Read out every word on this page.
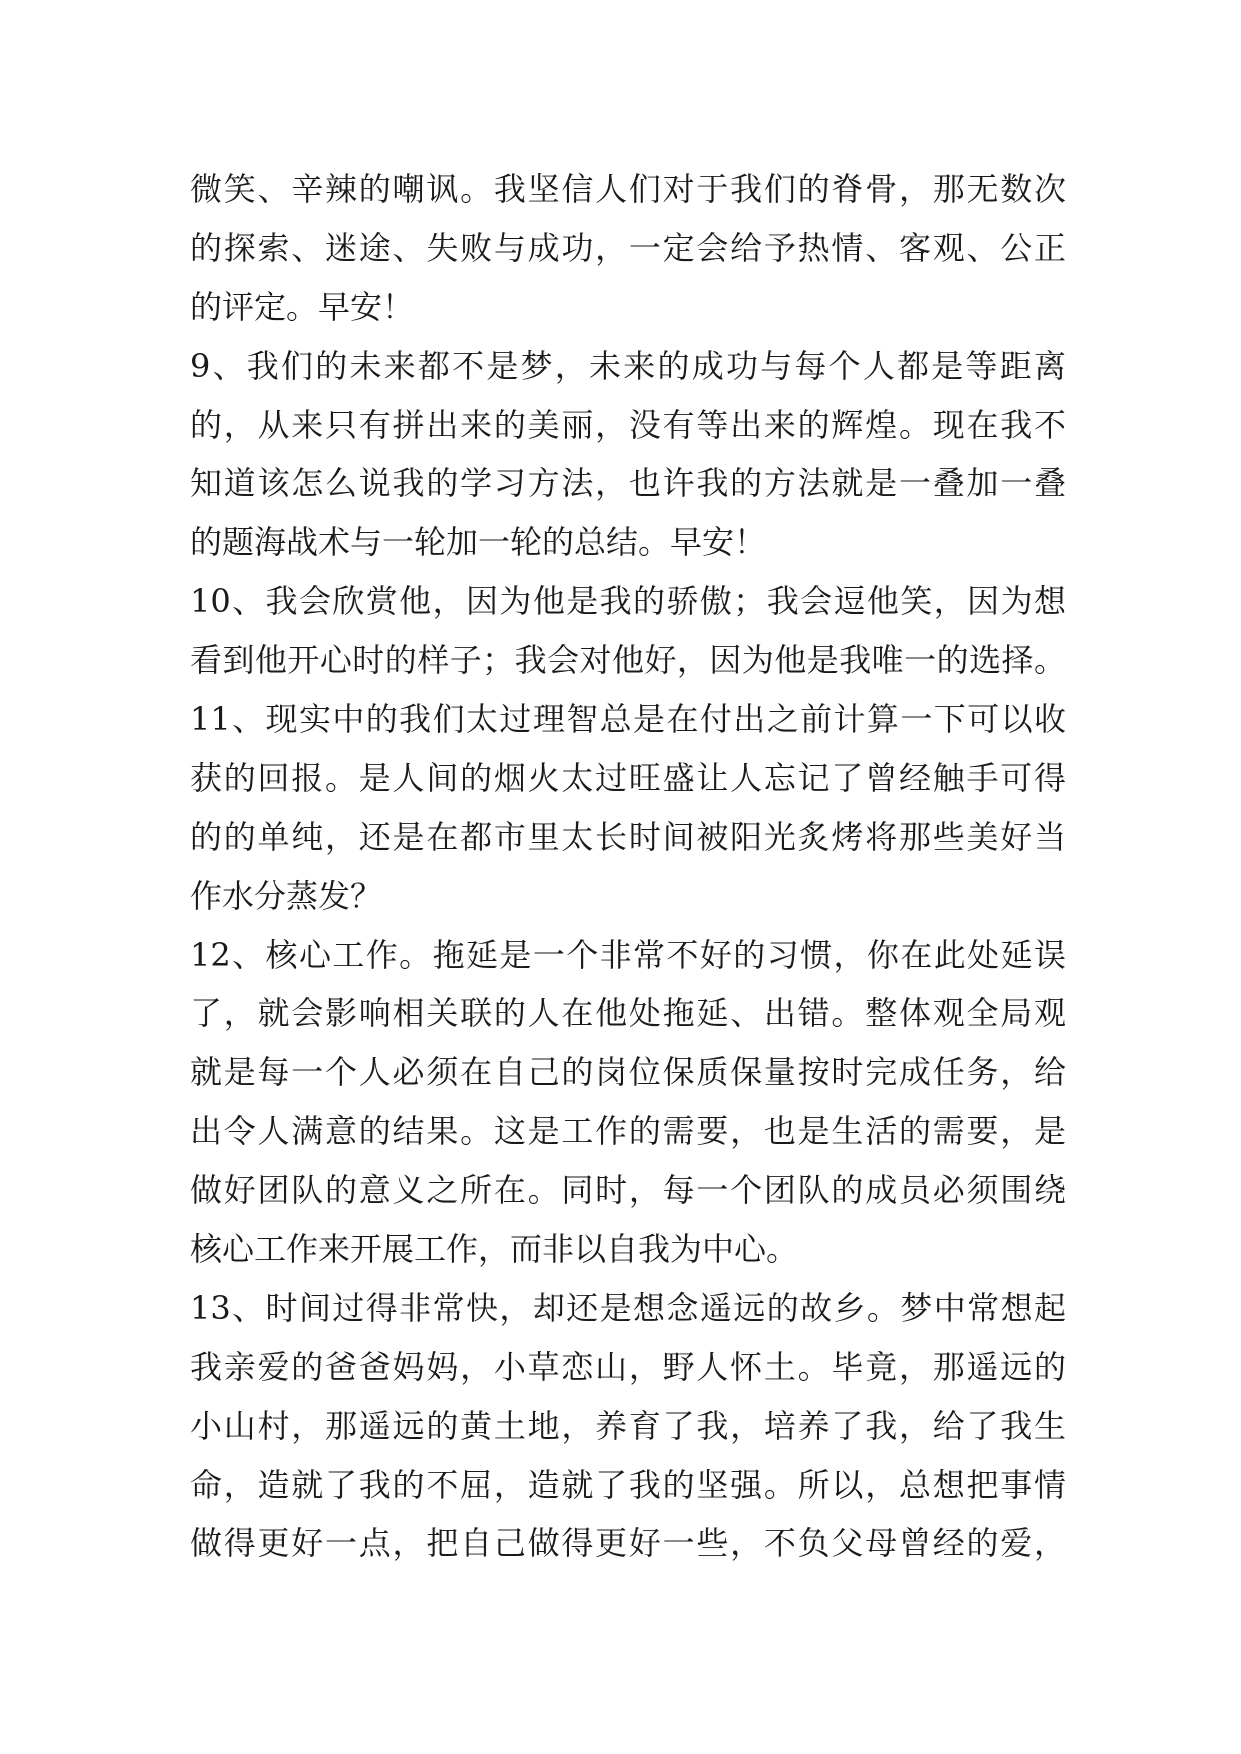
微笑、辛辣的嘲讽。我坚信人们对于我们的脊骨，那无数次
的探索、迷途、失败与成功，一定会给予热情、客观、公正
的评定。早安！
9、我们的未来都不是梦，未来的成功与每个人都是等距离
的，从来只有拼出来的美丽，没有等出来的辉煌。现在我不
知道该怎么说我的学习方法，也许我的方法就是一叠加一叠
的题海战术与一轮加一轮的总结。早安！
10、我会欣赏他，因为他是我的骄傲；我会逗他笑，因为想
看到他开心时的样子；我会对他好，因为他是我唯一的选择。
11、现实中的我们太过理智总是在付出之前计算一下可以收
获的回报。是人间的烟火太过旺盛让人忘记了曾经触手可得
的的单纯，还是在都市里太长时间被阳光炙烤将那些美好当
作水分蒸发？
12、核心工作。拖延是一个非常不好的习惯，你在此处延误
了，就会影响相关联的人在他处拖延、出错。整体观全局观
就是每一个人必须在自己的岗位保质保量按时完成任务，给
出令人满意的结果。这是工作的需要，也是生活的需要，是
做好团队的意义之所在。同时，每一个团队的成员必须围绕
核心工作来开展工作，而非以自我为中心。
13、时间过得非常快，却还是想念遥远的故乡。梦中常想起
我亲爱的爸爸妈妈，小草恋山，野人怀土。毕竟，那遥远的
小山村，那遥远的黄土地，养育了我，培养了我，给了我生
命，造就了我的不屈，造就了我的坚强。所以，总想把事情
做得更好一点，把自己做得更好一些，不负父母曾经的爱，
